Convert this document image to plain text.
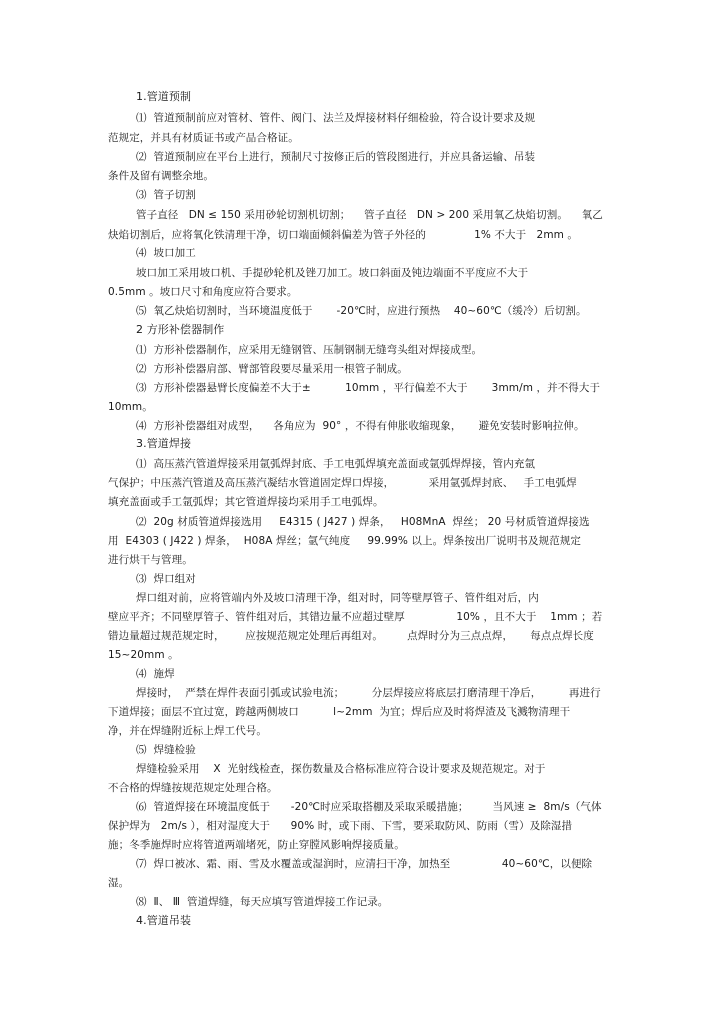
1.管道预制
⑴  管道预制前应对管材、管件、阀门、法兰及焊接材料仔细检验，符合设计要求及规
范规定，并具有材质证书或产品合格证。
⑵  管道预制应在平台上进行，预制尺寸按修正后的管段图进行，并应具备运输、吊装
条件及留有调整余地。
⑶  管子切割
管子直径   DN ≤ 150 采用砂轮切割机切割；    管子直径   DN > 200 采用氧乙炔焰切割。    氧乙
炔焰切割后，应将氧化铁清理干净，切口端面倾斜偏差为管子外径的              1% 不大于   2mm 。
⑷  坡口加工
坡口加工采用坡口机、手提砂轮机及锉刀加工。坡口斜面及钝边端面不平度应不大于
0.5mm 。坡口尺寸和角度应符合要求。
⑸  氧乙炔焰切割时，当环境温度低于       -20℃时，应进行预热    40~60℃（缓冷）后切割。
2 方形补偿器制作
⑴  方形补偿器制作，应采用无缝钢管、压制钢制无缝弯头组对焊接成型。
⑵  方形补偿器肩部、臂部管段要尽量采用一根管子制成。
⑶  方形补偿器悬臂长度偏差不大于±          10mm ，平行偏差不大于       3mm/m ，并不得大于
10mm。
⑷  方形补偿器组对成型，    各角应为  90° ，不得有伸胀收缩现象，     避免安装时影响拉伸。
3.管道焊接
⑴  高压蒸汽管道焊接采用氩弧焊封底、手工电弧焊填充盖面或氩弧焊焊接，管内充氩
气保护；中压蒸汽管道及高压蒸汽凝结水管道固定焊口焊接，          采用氩弧焊封底、   手工电弧焊
填充盖面或手工氩弧焊；其它管道焊接均采用手工电弧焊。
⑵  20g 材质管道焊接选用     E4315 ( J427 ) 焊条，   H08MnA  焊丝； 20 号材质管道焊接选
用  E4303 ( J422 ) 焊条，  H08A 焊丝；氩气纯度     99.99% 以上。焊条按出厂说明书及规范规定
进行烘干与管理。
⑶  焊口组对
焊口组对前，应将管端内外及坡口清理干净，组对时，同等壁厚管子、管件组对后，内
壁应平齐；不同壁厚管子、管件组对后，其错边量不应超过壁厚               10% ，且不大于    1mm ；若
错边量超过规范规定时，      应按规范规定处理后再组对。       点焊时分为三点点焊，     每点点焊长度
15~20mm 。
⑷  施焊
焊接时，  严禁在焊件表面引弧或试验电流；        分层焊接应将底层打磨清理干净后，        再进行
下道焊接；面层不宜过宽，跨越两侧坡口          l~2mm  为宜；焊后应及时将焊渣及飞溅物清理干
净，并在焊缝附近标上焊工代号。
⑸  焊缝检验
焊缝检验采用    X  光射线检查，探伤数量及合格标准应符合设计要求及规范规定。对于
不合格的焊缝按规范规定处理合格。
⑹  管道焊接在环境温度低于      -20℃时应采取搭棚及采取采暖措施；       当风速 ≥  8m/s（气体
保护焊为   2m/s ），相对湿度大于      90% 时，或下雨、下雪，要采取防风、防雨（雪）及除湿措
施；冬季施焊时应将管道两端堵死，防止穿膛风影响焊接质量。
⑺  焊口被冰、霜、雨、雪及水覆盖或湿润时，应清扫干净，加热至               40~60℃，以便除
湿。
⑻  Ⅱ、 Ⅲ  管道焊缝，每天应填写管道焊接工作记录。
4.管道吊装
